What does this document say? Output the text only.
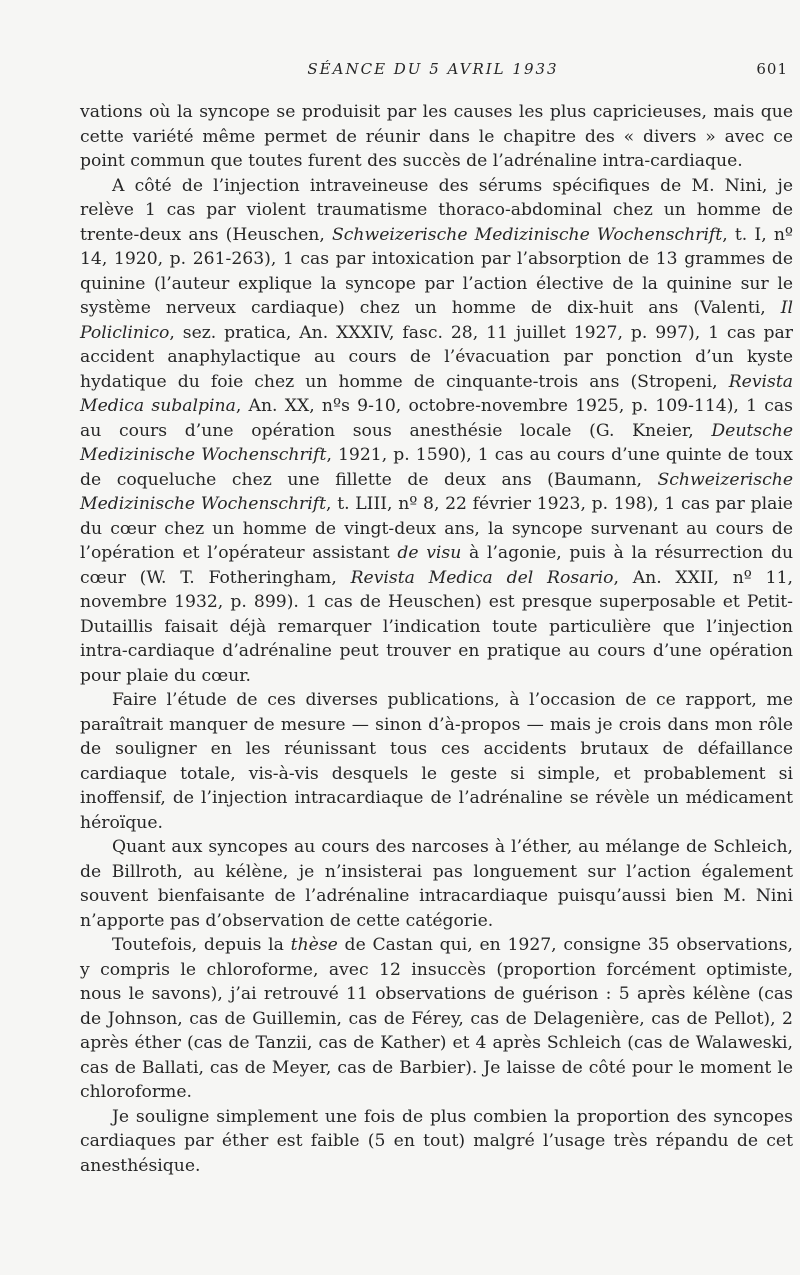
SÉANCE DU 5 AVRIL 1933	601

vations où la syncope se produisit par les causes les plus capricieuses, mais que cette variété même permet de réunir dans le chapitre des « divers » avec ce point commun que toutes furent des succès de l’adrénaline intra-cardiaque.

A côté de l’injection intraveineuse des sérums spécifiques de M. Nini, je relève 1 cas par violent traumatisme thoraco-abdominal chez un homme de trente-deux ans (Heuschen, Schweizerische Medizinische Wochenschrift, t. I, nº 14, 1920, p. 261-263), 1 cas par intoxication par l’absorption de 13 grammes de quinine (l’auteur explique la syncope par l’action élective de la quinine sur le système nerveux cardiaque) chez un homme de dix-huit ans (Valenti, Il Policlinico, sez. pratica, An. XXXIV, fasc. 28, 11 juillet 1927, p. 997), 1 cas par accident anaphylactique au cours de l’évacuation par ponction d’un kyste hydatique du foie chez un homme de cinquante-trois ans (Stropeni, Revista Medica subalpina, An. XX, nºs 9-10, octobre-novembre 1925, p. 109-114), 1 cas au cours d’une opération sous anesthésie locale (G. Kneier, Deutsche Medizinische Wochenschrift, 1921, p. 1590), 1 cas au cours d’une quinte de toux de coqueluche chez une fillette de deux ans (Baumann, Schweizerische Medizinische Wochenschrift, t. LIII, nº 8, 22 février 1923, p. 198), 1 cas par plaie du cœur chez un homme de vingt-deux ans, la syncope survenant au cours de l’opération et l’opérateur assistant de visu à l’agonie, puis à la résurrection du cœur (W. T. Fotheringham, Revista Medica del Rosario, An. XXII, nº 11, novembre 1932, p. 899). 1 cas de Heuschen) est presque superposable et Petit-Dutaillis faisait déjà remarquer l’indication toute particulière que l’injection intra-cardiaque d’adrénaline peut trouver en pratique au cours d’une opération pour plaie du cœur.

Faire l’étude de ces diverses publications, à l’occasion de ce rapport, me paraîtrait manquer de mesure — sinon d’à-propos — mais je crois dans mon rôle de souligner en les réunissant tous ces accidents brutaux de défaillance cardiaque totale, vis-à-vis desquels le geste si simple, et probablement si inoffensif, de l’injection intracardiaque de l’adrénaline se révèle un médicament héroïque.

Quant aux syncopes au cours des narcoses à l’éther, au mélange de Schleich, de Billroth, au kélène, je n’insisterai pas longuement sur l’action également souvent bienfaisante de l’adrénaline intracardiaque puisqu’aussi bien M. Nini n’apporte pas d’observation de cette catégorie.

Toutefois, depuis la thèse de Castan qui, en 1927, consigne 35 observations, y compris le chloroforme, avec 12 insuccès (proportion forcément optimiste, nous le savons), j’ai retrouvé 11 observations de guérison : 5 après kélène (cas de Johnson, cas de Guillemin, cas de Férey, cas de Delagenière, cas de Pellot), 2 après éther (cas de Tanzii, cas de Kather) et 4 après Schleich (cas de Walaweski, cas de Ballati, cas de Meyer, cas de Barbier). Je laisse de côté pour le moment le chloroforme.

Je souligne simplement une fois de plus combien la proportion des syncopes cardiaques par éther est faible (5 en tout) malgré l’usage très répandu de cet anesthésique.
